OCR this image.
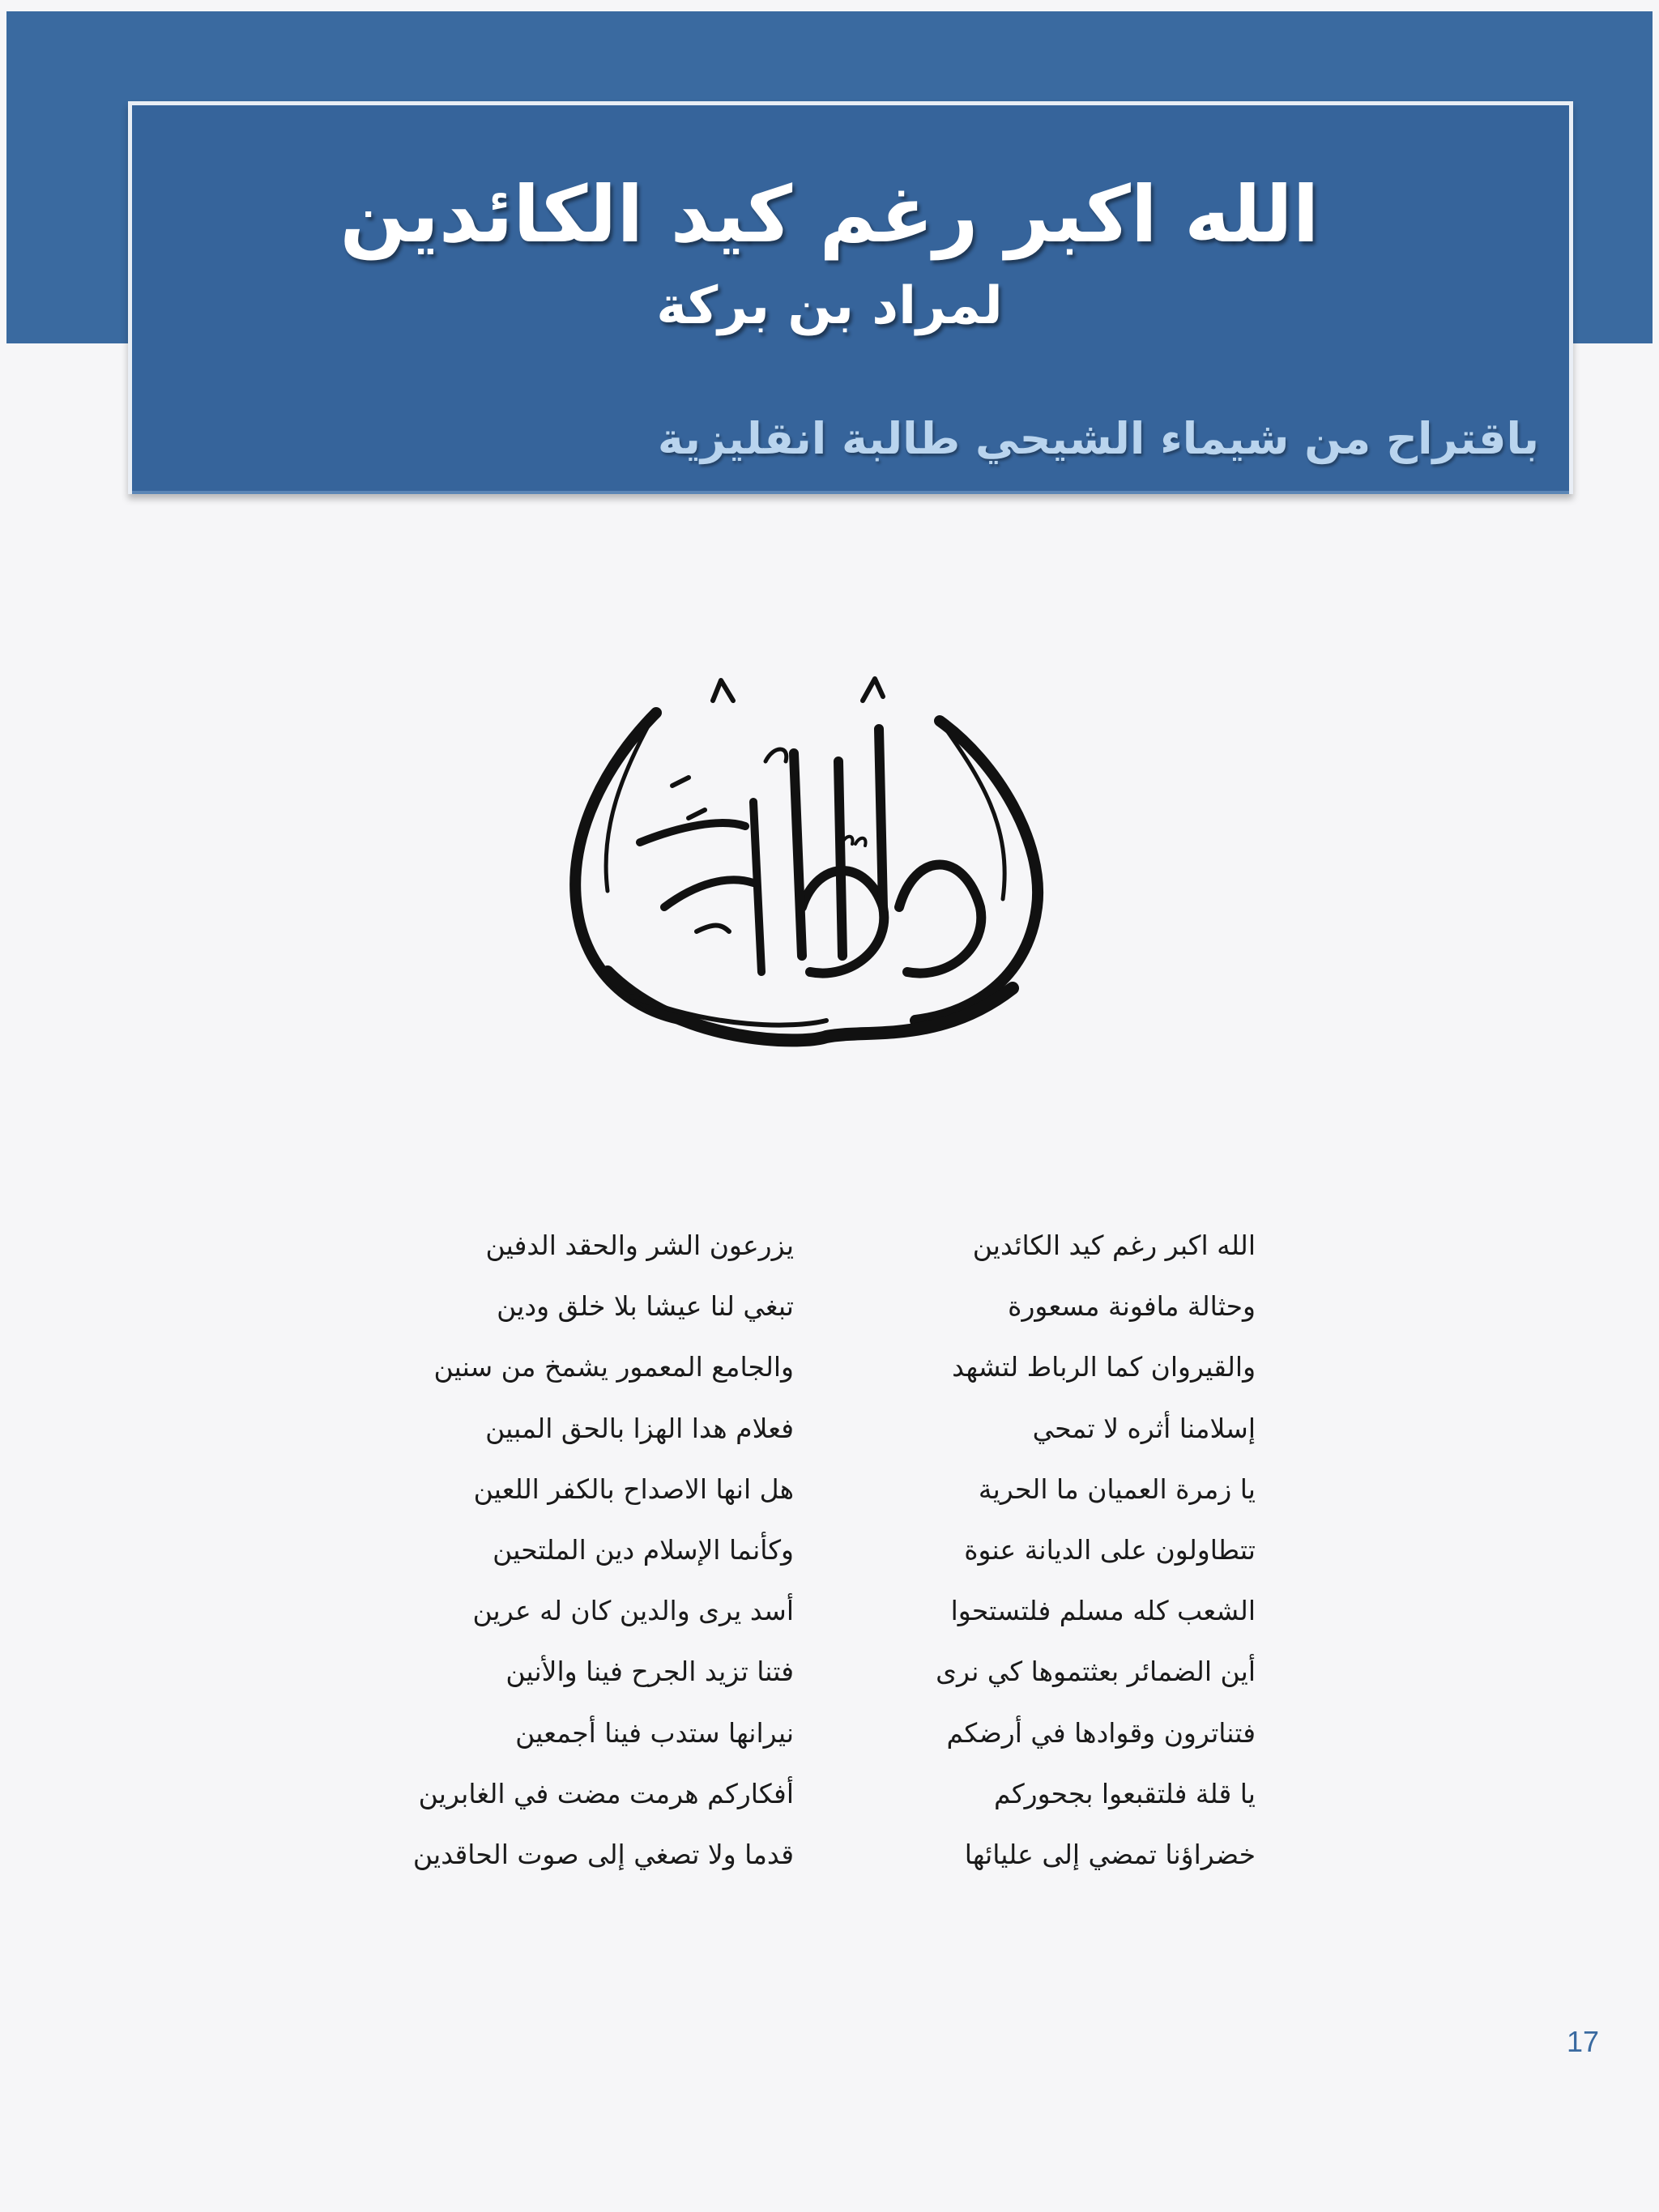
الله اكبر رغم كيد الكائدين
لمراد بن بركة
باقتراح من شيماء الشيحي طالبة انقليزية
الله اكبر رغم كيد الكائدين
يزرعون الشر والحقد الدفين
وحثالة مافونة مسعورة
تبغي لنا عيشا بلا خلق ودين
والقيروان كما الرباط لتشهد
والجامع المعمور يشمخ من سنين
إسلامنا أثره لا تمحي
فعلام هدا الهزا بالحق المبين
يا زمرة العميان ما الحرية
هل انها الاصداح بالكفر اللعين
تتطاولون على الديانة عنوة
وكأنما الإسلام دين الملتحين
الشعب كله مسلم فلتستحوا
أسد يرى والدين كان له عرين
أين الضمائر بعثتموها كي نرى
فتنا تزيد الجرح فينا والأنين
فتناترون وقوادها في أرضكم
نيرانها ستدب فينا أجمعين
يا قلة فلتقبعوا بجحوركم
أفكاركم هرمت مضت في الغابرين
خضراؤنا تمضي إلى عليائها
قدما ولا تصغي إلى صوت الحاقدين
17
